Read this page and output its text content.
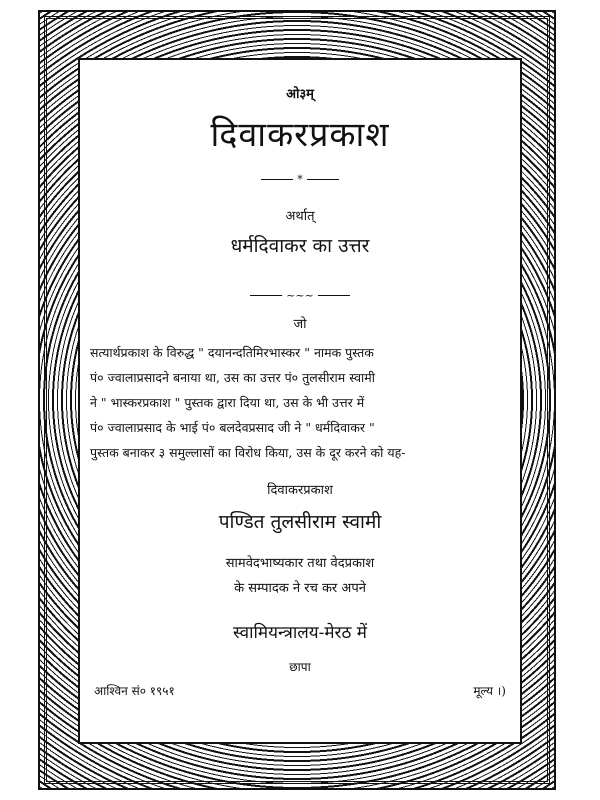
ओ३म्
दिवाकरप्रकाश
*
अर्थात्
धर्मदिवाकर का उत्तर
~~~
जो
सत्यार्थप्रकाश के विरुद्ध " दयानन्दतिमिरभास्कर " नामक पुस्तक
पं० ज्वालाप्रसादने बनाया था, उस का उत्तर पं० तुलसीराम स्वामी
ने " भास्करप्रकाश " पुस्तक द्वारा दिया था, उस के भी उत्तर में
पं० ज्वालाप्रसाद के भाई पं० बलदेवप्रसाद जी ने " धर्मदिवाकर "
पुस्तक बनाकर ३ समुल्लासों का विरोध किया, उस के दूर करने को यह-
दिवाकरप्रकाश
पण्डित तुलसीराम स्वामी
सामवेदभाष्यकार तथा वेदप्रकाश
के सम्पादक ने रच कर अपने
स्वामियन्त्रालय-मेरठ में
छापा
आश्विन सं० १९५१	मूल्य ।)
